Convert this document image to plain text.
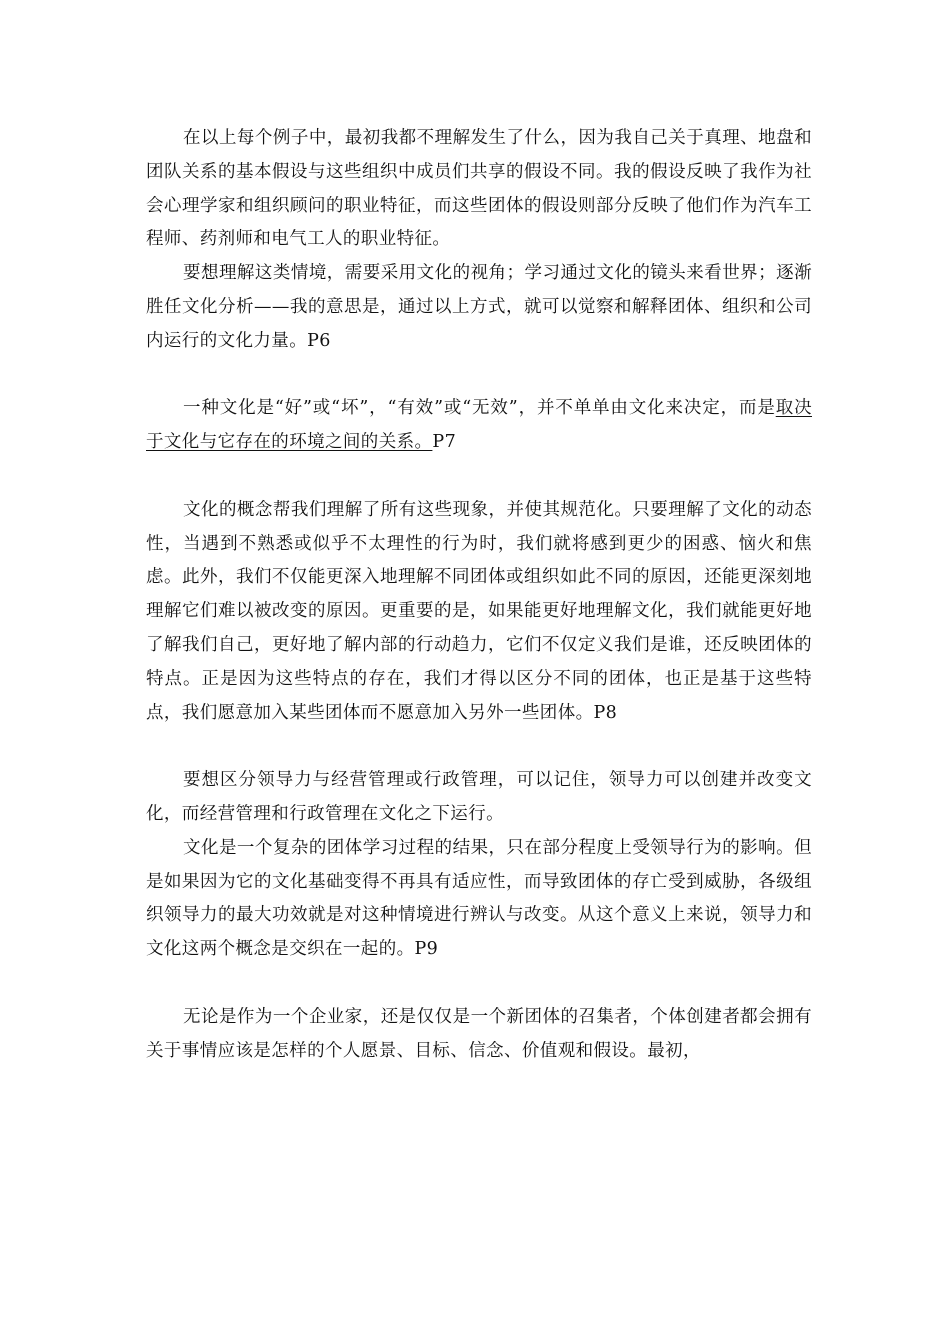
在以上每个例子中，最初我都不理解发生了什么，因为我自己关于真理、地盘和团队关系的基本假设与这些组织中成员们共享的假设不同。我的假设反映了我作为社会心理学家和组织顾问的职业特征，而这些团体的假设则部分反映了他们作为汽车工程师、药剂师和电气工人的职业特征。

要想理解这类情境，需要采用文化的视角；学习通过文化的镜头来看世界；逐渐胜任文化分析——我的意思是，通过以上方式，就可以觉察和解释团体、组织和公司内运行的文化力量。P6

一种文化是“好”或“坏”，“有效”或“无效”，并不单单由文化来决定，而是取决于文化与它存在的环境之间的关系。P7

文化的概念帮我们理解了所有这些现象，并使其规范化。只要理解了文化的动态性，当遇到不熟悉或似乎不太理性的行为时，我们就将感到更少的困惑、恼火和焦虑。此外，我们不仅能更深入地理解不同团体或组织如此不同的原因，还能更深刻地理解它们难以被改变的原因。更重要的是，如果能更好地理解文化，我们就能更好地了解我们自己，更好地了解内部的行动趋力，它们不仅定义我们是谁，还反映团体的特点。正是因为这些特点的存在，我们才得以区分不同的团体，也正是基于这些特点，我们愿意加入某些团体而不愿意加入另外一些团体。P8

要想区分领导力与经营管理或行政管理，可以记住，领导力可以创建并改变文化，而经营管理和行政管理在文化之下运行。

文化是一个复杂的团体学习过程的结果，只在部分程度上受领导行为的影响。但是如果因为它的文化基础变得不再具有适应性，而导致团体的存亡受到威胁，各级组织领导力的最大功效就是对这种情境进行辨认与改变。从这个意义上来说，领导力和文化这两个概念是交织在一起的。P9

无论是作为一个企业家，还是仅仅是一个新团体的召集者，个体创建者都会拥有关于事情应该是怎样的个人愿景、目标、信念、价值观和假设。最初，
